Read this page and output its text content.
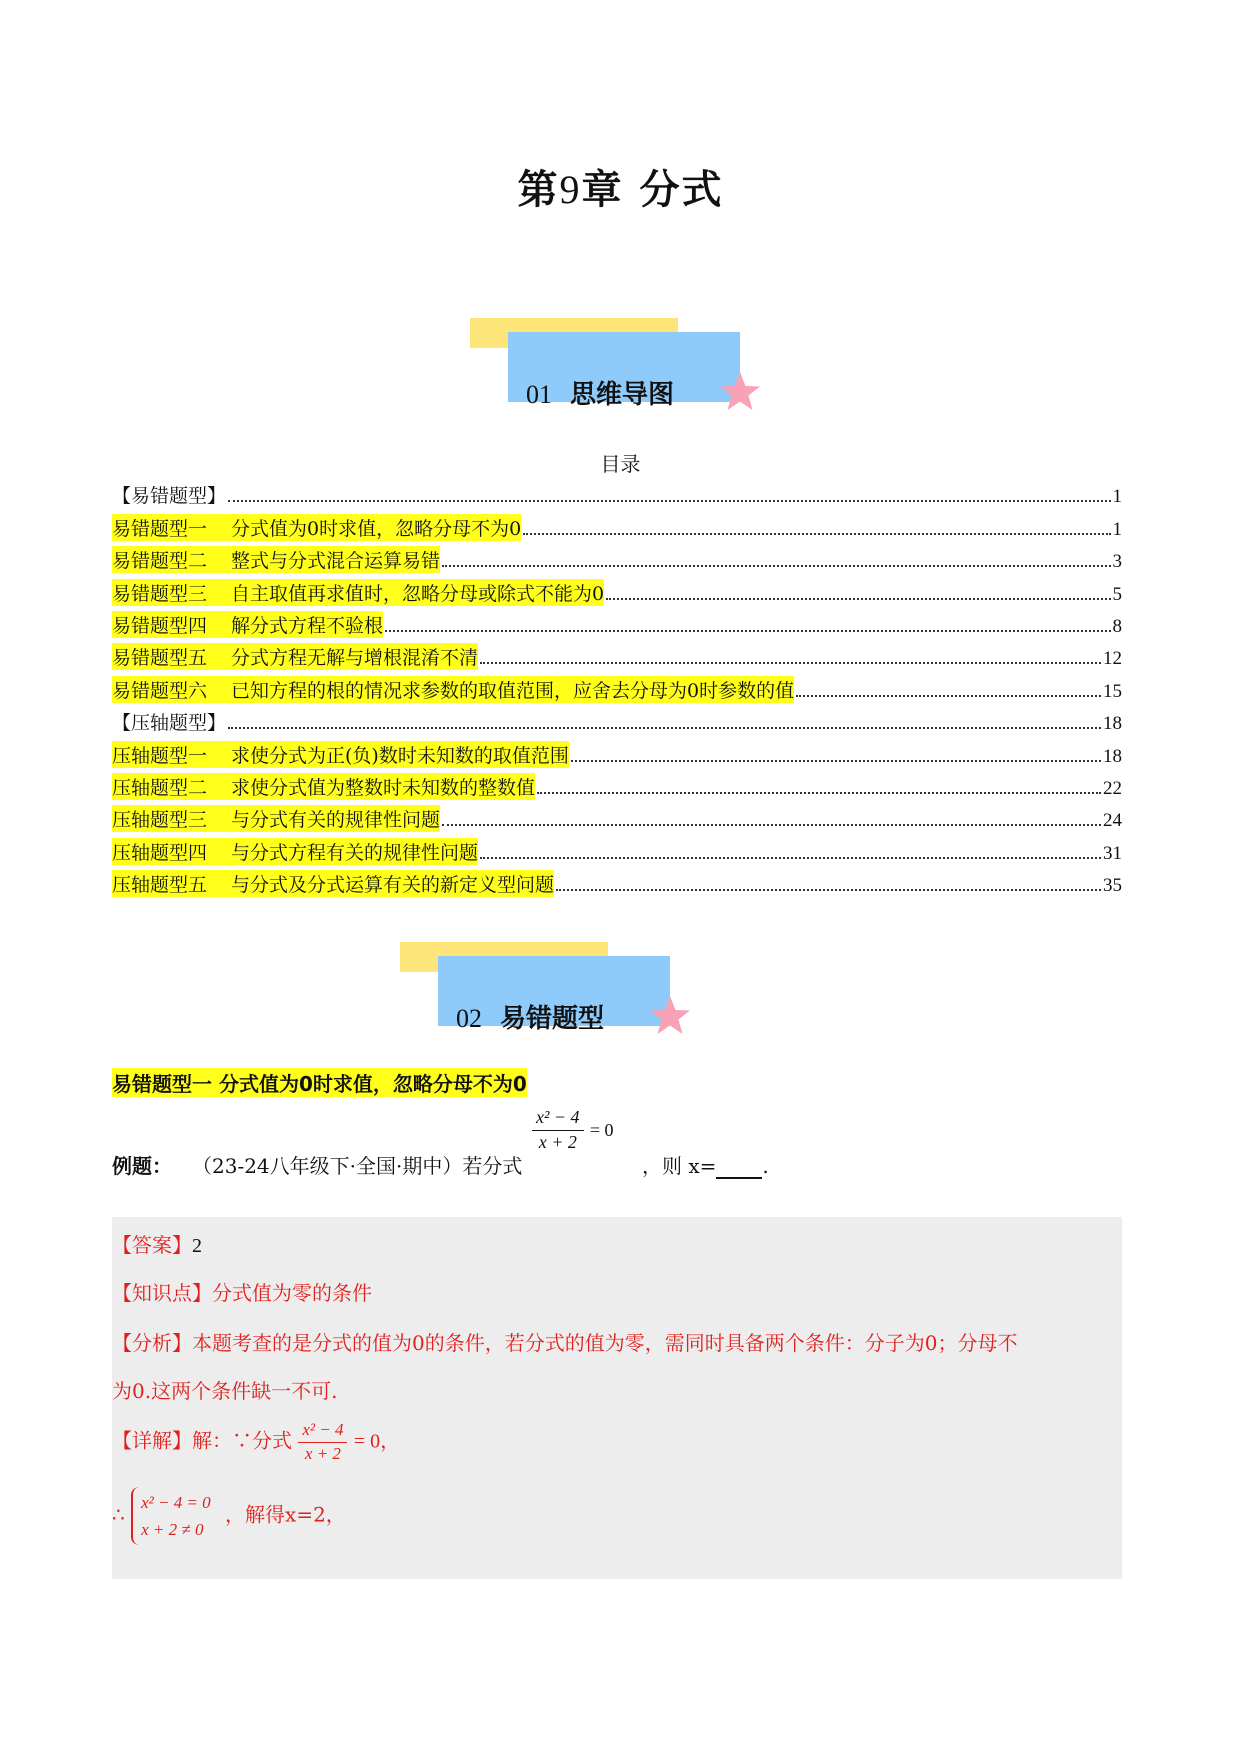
第9章 分式
01 思维导图
目录
【易错题型】	1
易错题型一 分式值为0时求值，忽略分母不为0	1
易错题型二 整式与分式混合运算易错	3
易错题型三 自主取值再求值时，忽略分母或除式不能为0	5
易错题型四 解分式方程不验根	8
易错题型五 分式方程无解与增根混淆不清	12
易错题型六 已知方程的根的情况求参数的取值范围，应舍去分母为0时参数的值	15
【压轴题型】	18
压轴题型一 求使分式为正(负)数时未知数的取值范围	18
压轴题型二 求使分式值为整数时未知数的整数值	22
压轴题型三 与分式有关的规律性问题	24
压轴题型四 与分式方程有关的规律性问题	31
压轴题型五 与分式及分式运算有关的新定义型问题	35
02 易错题型
易错题型一 分式值为0时求值，忽略分母不为0
例题： （23-24八年级下·全国·期中）若分式
$\frac{\text{x² − 4}}{x + 2} = 0$
，则 x= .
【答案】2
【知识点】分式值为零的条件
【分析】本题考查的是分式的值为0的条件，若分式的值为零，需同时具备两个条件：分子为0；分母不
为0.这两个条件缺一不可.
【详解】解：∵分式 $\frac{\text{x² − 4}}{x + 2} = 0$，
∴
x² − 4 = 0
x + 2 ≠ 0
，解得x=2，
